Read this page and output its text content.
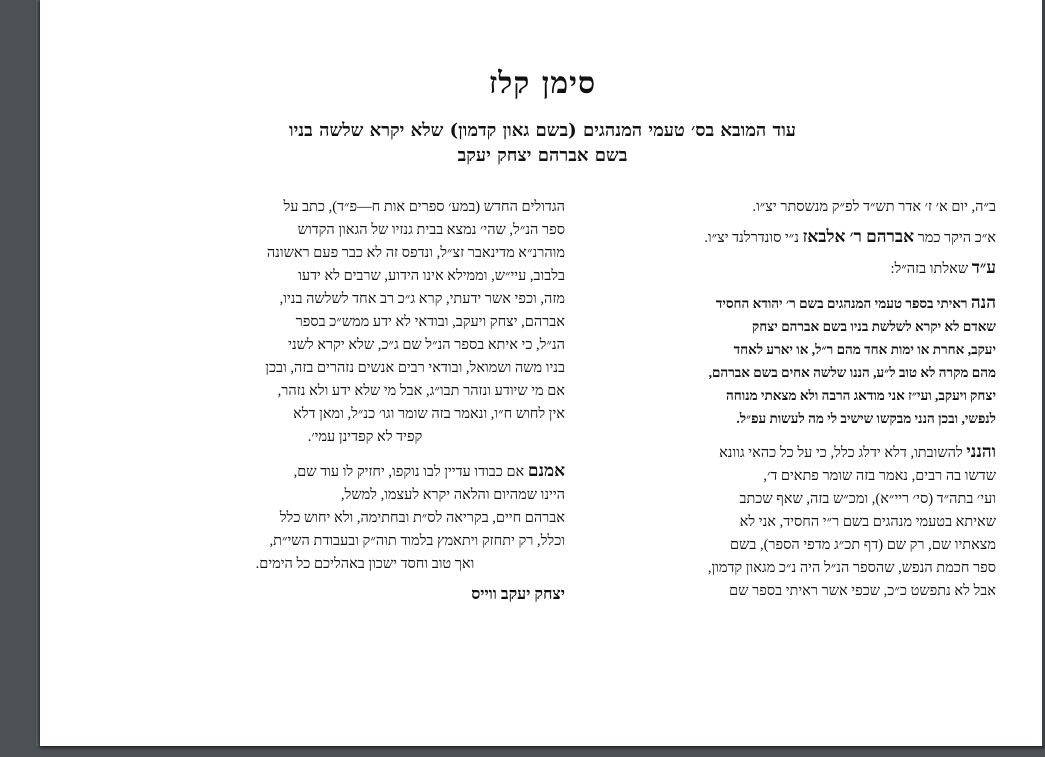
סימן קלז
עוד המובא בס׳ טעמי המנהגים (בשם גאון קדמון) שלא יקרא שלשה בניו
בשם אברהם יצחק יעקב
ב״ה, יום א׳ ז׳ אדר תש״ד לפ״ק מנשסתר יצ״ו.
א״כ היקר כמר אברהם ר׳ אלבאז נ״י סונדרלנד יצ״ו.
ע״ד שאלתו בזה״ל:
הנה ראיתי בספר טעמי המנהגים בשם ר׳ יהודא החסיד
שאדם לא יקרא לשלשת בניו בשם אברהם יצחק
יעקב, אחרת או ימות אחד מהם ר״ל, או יארע לאחד
מהם מקרה לא טוב ל״ע, הננו שלשה אחים בשם אברהם,
יצחק ויעקב, ועי״ז אני מודאג הרבה ולא מצאתי מנוחה
לנפשי, ובכן הנני מבקשו שישיב לי מה לעשות עפ״ל.
והנני להשובתו, דלא ידלג כלל, כי על כל כהאי גוונא
שדשו בה רבים, נאמר בזה שומר פתאים ד׳,
ועי׳ בתה״ד (סי׳ ריי״א), ומכ״ש בזה, שאף שכתב
שאיתא בטעמי מנהגים בשם ר״י החסיד, אני לא
מצאתיו שם, רק שם (דף תכ״ג מדפי הספר), בשם
ספר חכמת הנפש, שהספר הנ״ל היה נ״כ מגאון קדמון,
אבל לא נתפשט כ״כ, שכפי אשר ראיתי בספר שם
הגדולים החדש (במע׳ ספרים אות ח—פ״ד), כתב על
ספר הנ״ל, שהי׳ נמצא בבית גנזיו של הגאון הקדוש
מוהרנ״א מדינאבר זצ״ל, ונדפס זה לא כבר פעם ראשונה
בלבוב, עיי״ש, וממילא אינו הידוע, שרבים לא ידעו
מזה, וכפי אשר ידעתי, קרא ג״כ רב אחד לשלשה בניו,
אברהם, יצחק ויעקב, ובודאי לא ידע ממש״כ בספר
הנ״ל, כי איתא בספר הנ״ל שם ג״כ, שלא יקרא לשני
בניו משה ושמואל, ובודאי רבים אנשים נזהרים בזה, ובכן
אם מי שיודע ונזהר תבו״ג, אבל מי שלא ידע ולא נזהר,
אין לחוש ח״ו, ונאמר בזה שומר וגו׳ כנ״ל, ומאן דלא
קפיד לא קפדינן עמי׳.
אמנם אם כבודו עדיין לבו נוקפו, יחזיק לו עוד שם,
היינו שמהיום והלאה יקרא לעצמו, למשל,
אברהם חיים, בקריאה לס״ת ובחתימה, ולא יחוש כלל
וכלל, רק יתחזק ויתאמץ בלמוד תוה״ק ובעבודת השי״ת,
ואך טוב וחסד ישכון באהליכם כל הימים.
יצחק יעקב ווייס
